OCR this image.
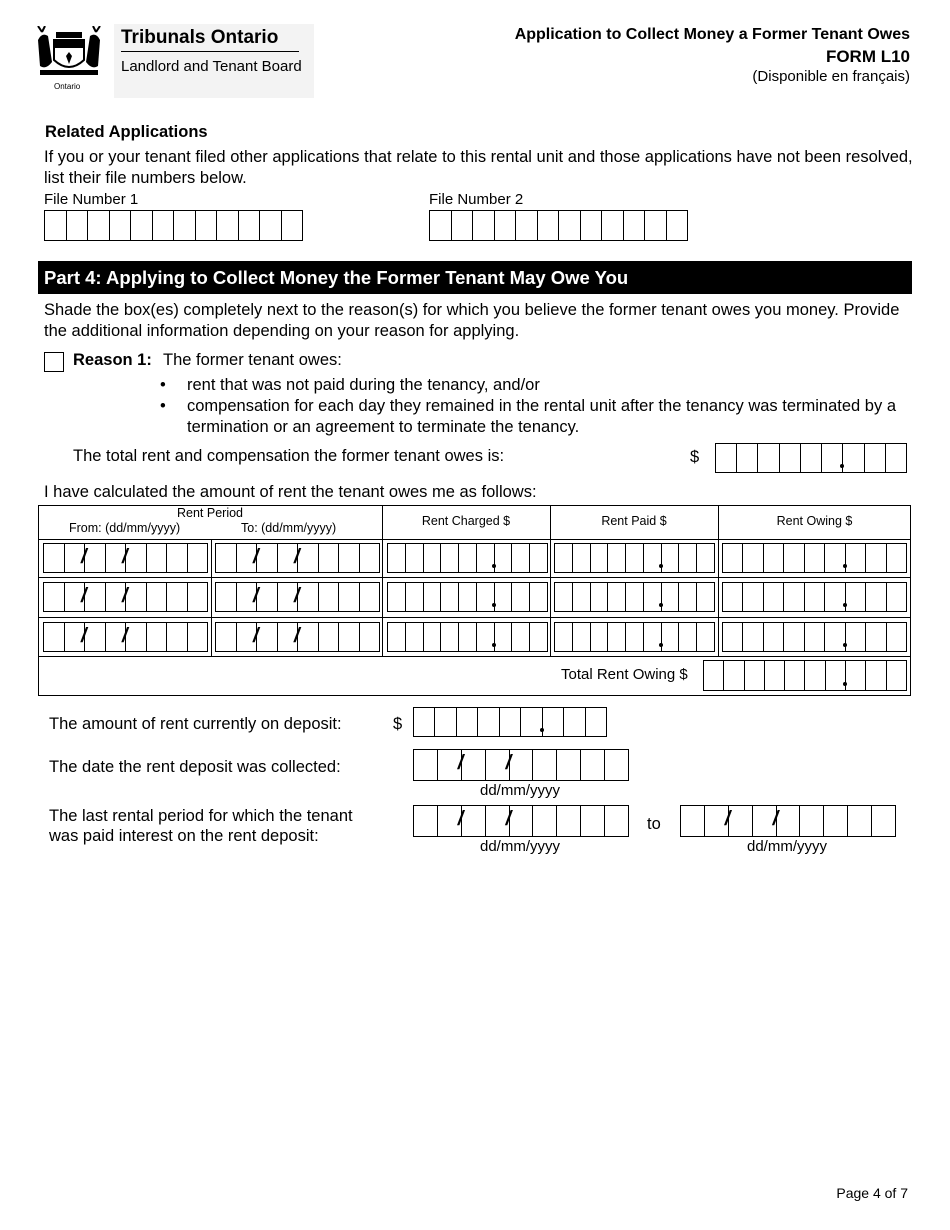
Ontario
Tribunals Ontario
Landlord and Tenant Board
Application to Collect Money a Former Tenant Owes
FORM L10
(Disponible en français)
Related Applications
If you or your tenant filed other applications that relate to this rental unit and those applications have not been resolved, list their file numbers below.
File Number 1	File Number 2
Part 4: Applying to Collect Money the Former Tenant May Owe You
Shade the box(es) completely next to the reason(s) for which you believe the former tenant owes you money. Provide the additional information depending on your reason for applying.
Reason 1: The former tenant owes:
• rent that was not paid during the tenancy, and/or
• compensation for each day they remained in the rental unit after the tenancy was terminated by a termination or an agreement to terminate the tenancy.
The total rent and compensation the former tenant owes is:	$
I have calculated the amount of rent the tenant owes me as follows:
Rent Period
From: (dd/mm/yyyy)	To: (dd/mm/yyyy)	Rent Charged $	Rent Paid $	Rent Owing $
/ /	/ /
/ /	/ /
/ /	/ /
Total Rent Owing $
The amount of rent currently on deposit:	$
The date the rent deposit was collected:	/ /
dd/mm/yyyy
The last rental period for which the tenant
was paid interest on the rent deposit:
/ /
dd/mm/yyyy
to	/ /
dd/mm/yyyy
Page 4 of 7
